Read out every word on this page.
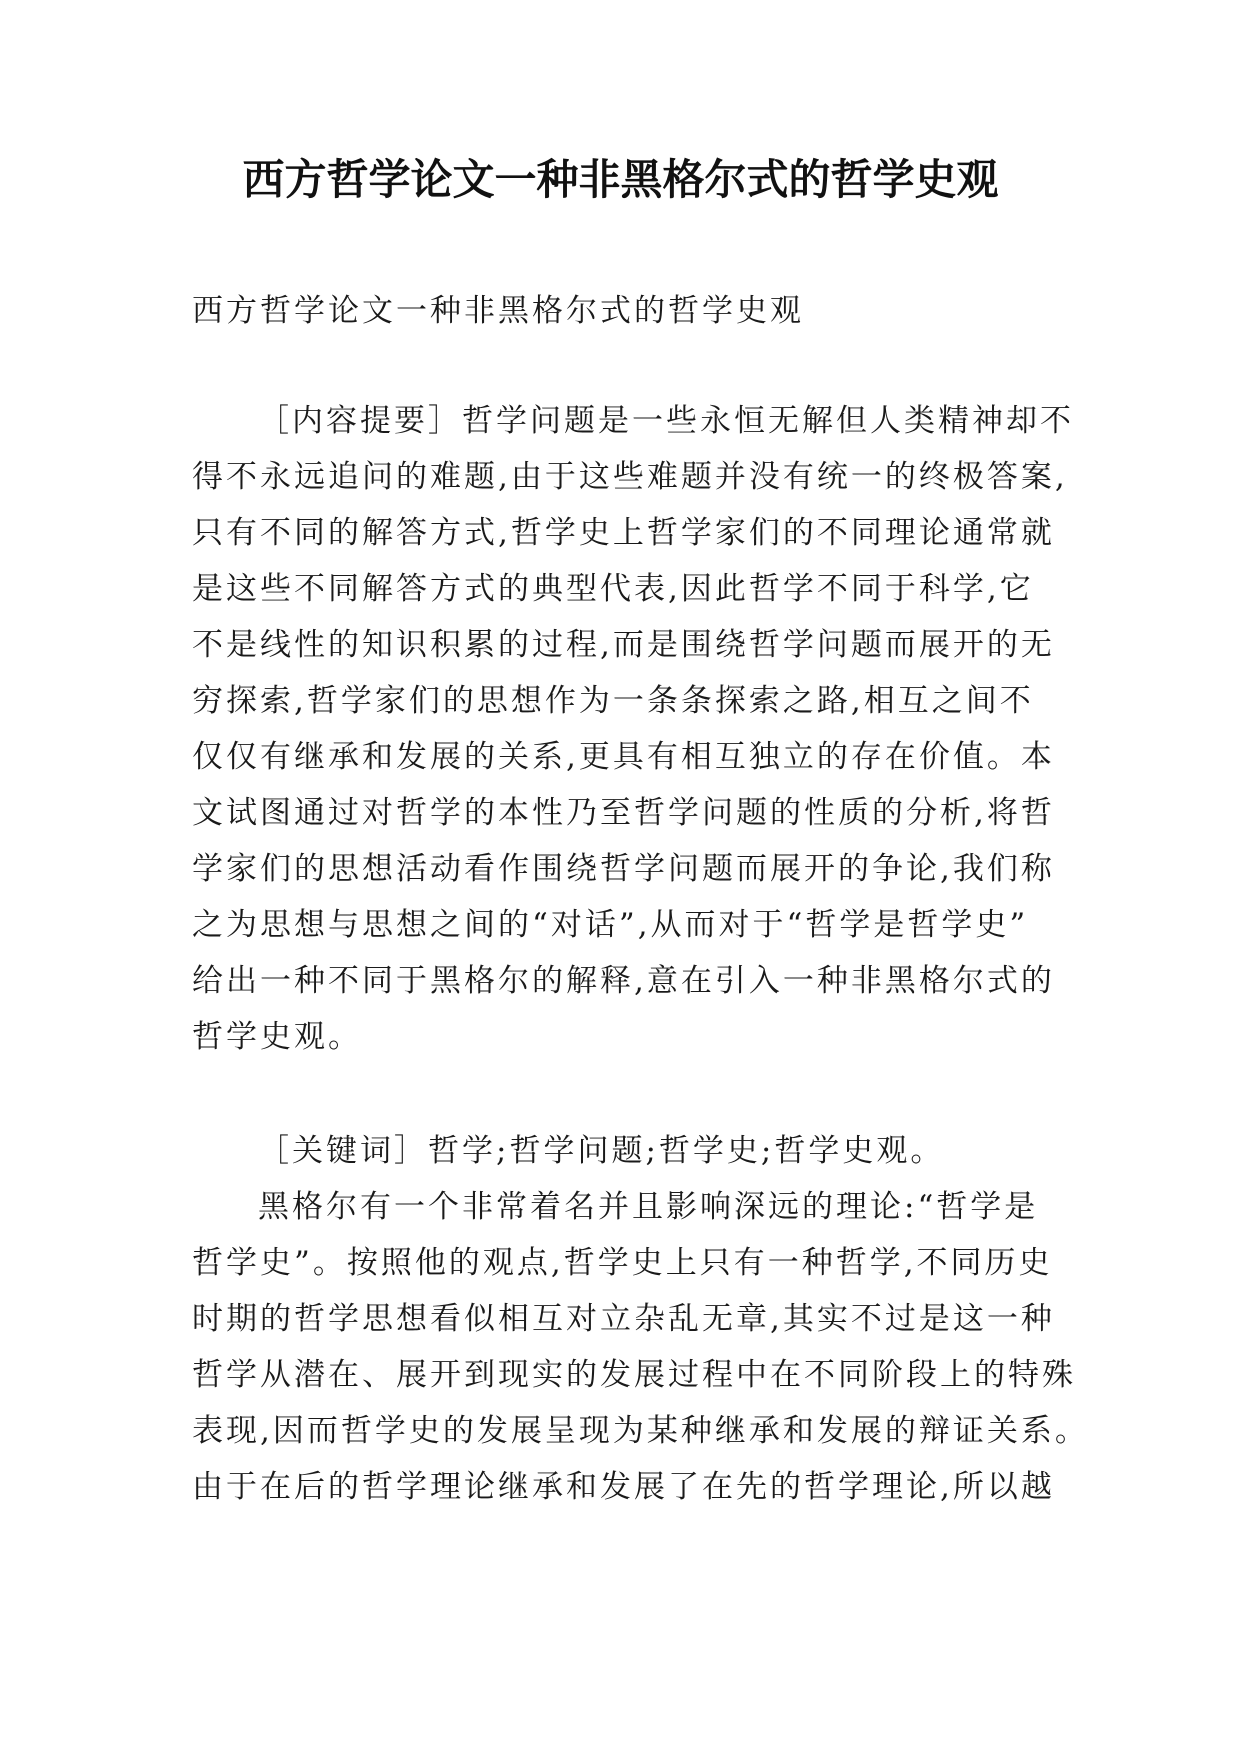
西方哲学论文一种非黑格尔式的哲学史观

西方哲学论文一种非黑格尔式的哲学史观

［内容提要］哲学问题是一些永恒无解但人类精神却不

得不永远追问的难题,由于这些难题并没有统一的终极答案,

只有不同的解答方式,哲学史上哲学家们的不同理论通常就

是这些不同解答方式的典型代表,因此哲学不同于科学,它

不是线性的知识积累的过程,而是围绕哲学问题而展开的无

穷探索,哲学家们的思想作为一条条探索之路,相互之间不

仅仅有继承和发展的关系,更具有相互独立的存在价值。本

文试图通过对哲学的本性乃至哲学问题的性质的分析,将哲

学家们的思想活动看作围绕哲学问题而展开的争论,我们称

之为思想与思想之间的“对话”,从而对于“哲学是哲学史”

给出一种不同于黑格尔的解释,意在引入一种非黑格尔式的

哲学史观。

［关键词］哲学;哲学问题;哲学史;哲学史观。

黑格尔有一个非常着名并且影响深远的理论:“哲学是

哲学史”。按照他的观点,哲学史上只有一种哲学,不同历史

时期的哲学思想看似相互对立杂乱无章,其实不过是这一种

哲学从潜在、展开到现实的发展过程中在不同阶段上的特殊

表现,因而哲学史的发展呈现为某种继承和发展的辩证关系。

由于在后的哲学理论继承和发展了在先的哲学理论,所以越
